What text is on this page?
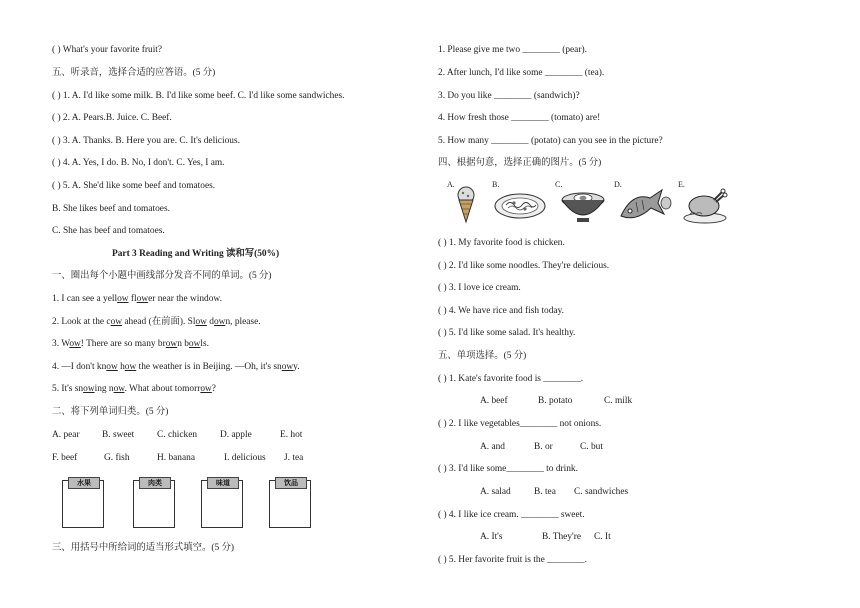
( ) What's your favorite fruit?
五、听录音，选择合适的应答语。(5 分)
( ) 1. A. I'd like some milk. B. I'd like some beef. C. I'd like some sandwiches.
( ) 2. A. Pears.B. Juice. C. Beef.
( ) 3. A. Thanks. B. Here you are. C. It's delicious.
( ) 4. A. Yes, I do. B. No, I don't. C. Yes, I am.
( ) 5. A. She'd like some beef and tomatoes.
B. She likes beef and tomatoes.
C. She has beef and tomatoes.
Part 3 Reading and Writing 读和写(50%)
一、圈出每个小题中画线部分发音不同的单词。(5 分)
1. I can see a yellow flower near the window.
2. Look at the cow ahead (在前面). Slow down, please.
3. Wow! There are so many brown bowls.
4. —I don't know how the weather is in Beijing. —Oh, it's snowy.
5. It's snowing now. What about tomorrow?
二、将下列单词归类。(5 分)
A. pear B. sweet C. chicken D. apple	E. hot
F. beef	G. fish	H. banana	I. delicious J. tea
水果	肉类	味道	饮品
三、用括号中所给词的适当形式填空。(5 分)
1. Please give me two ________ (pear).
2. After lunch, I'd like some ________ (tea).
3. Do you like ________ (sandwich)?
4. How fresh those ________ (tomato) are!
5. How many ________ (potato) can you see in the picture?
四、根据句意，选择正确的图片。(5 分)
A.	B.	C.	D.	E.
( ) 1. My favorite food is chicken.
( ) 2. I'd like some noodles. They're delicious.
( ) 3. I love ice cream.
( ) 4. We have rice and fish today.
( ) 5. I'd like some salad. It's healthy.
五、单项选择。(5 分)
( ) 1. Kate's favorite food is ________.
A. beef	B. potato	C. milk
( ) 2. I like vegetables________ not onions.
A. and	B. or	C. but
( ) 3. I'd like some________ to drink.
A. salad B. tea C. sandwiches
( ) 4. I like ice cream. ________ sweet.
A. It's	B. They're C. It
( ) 5. Her favorite fruit is the ________.
